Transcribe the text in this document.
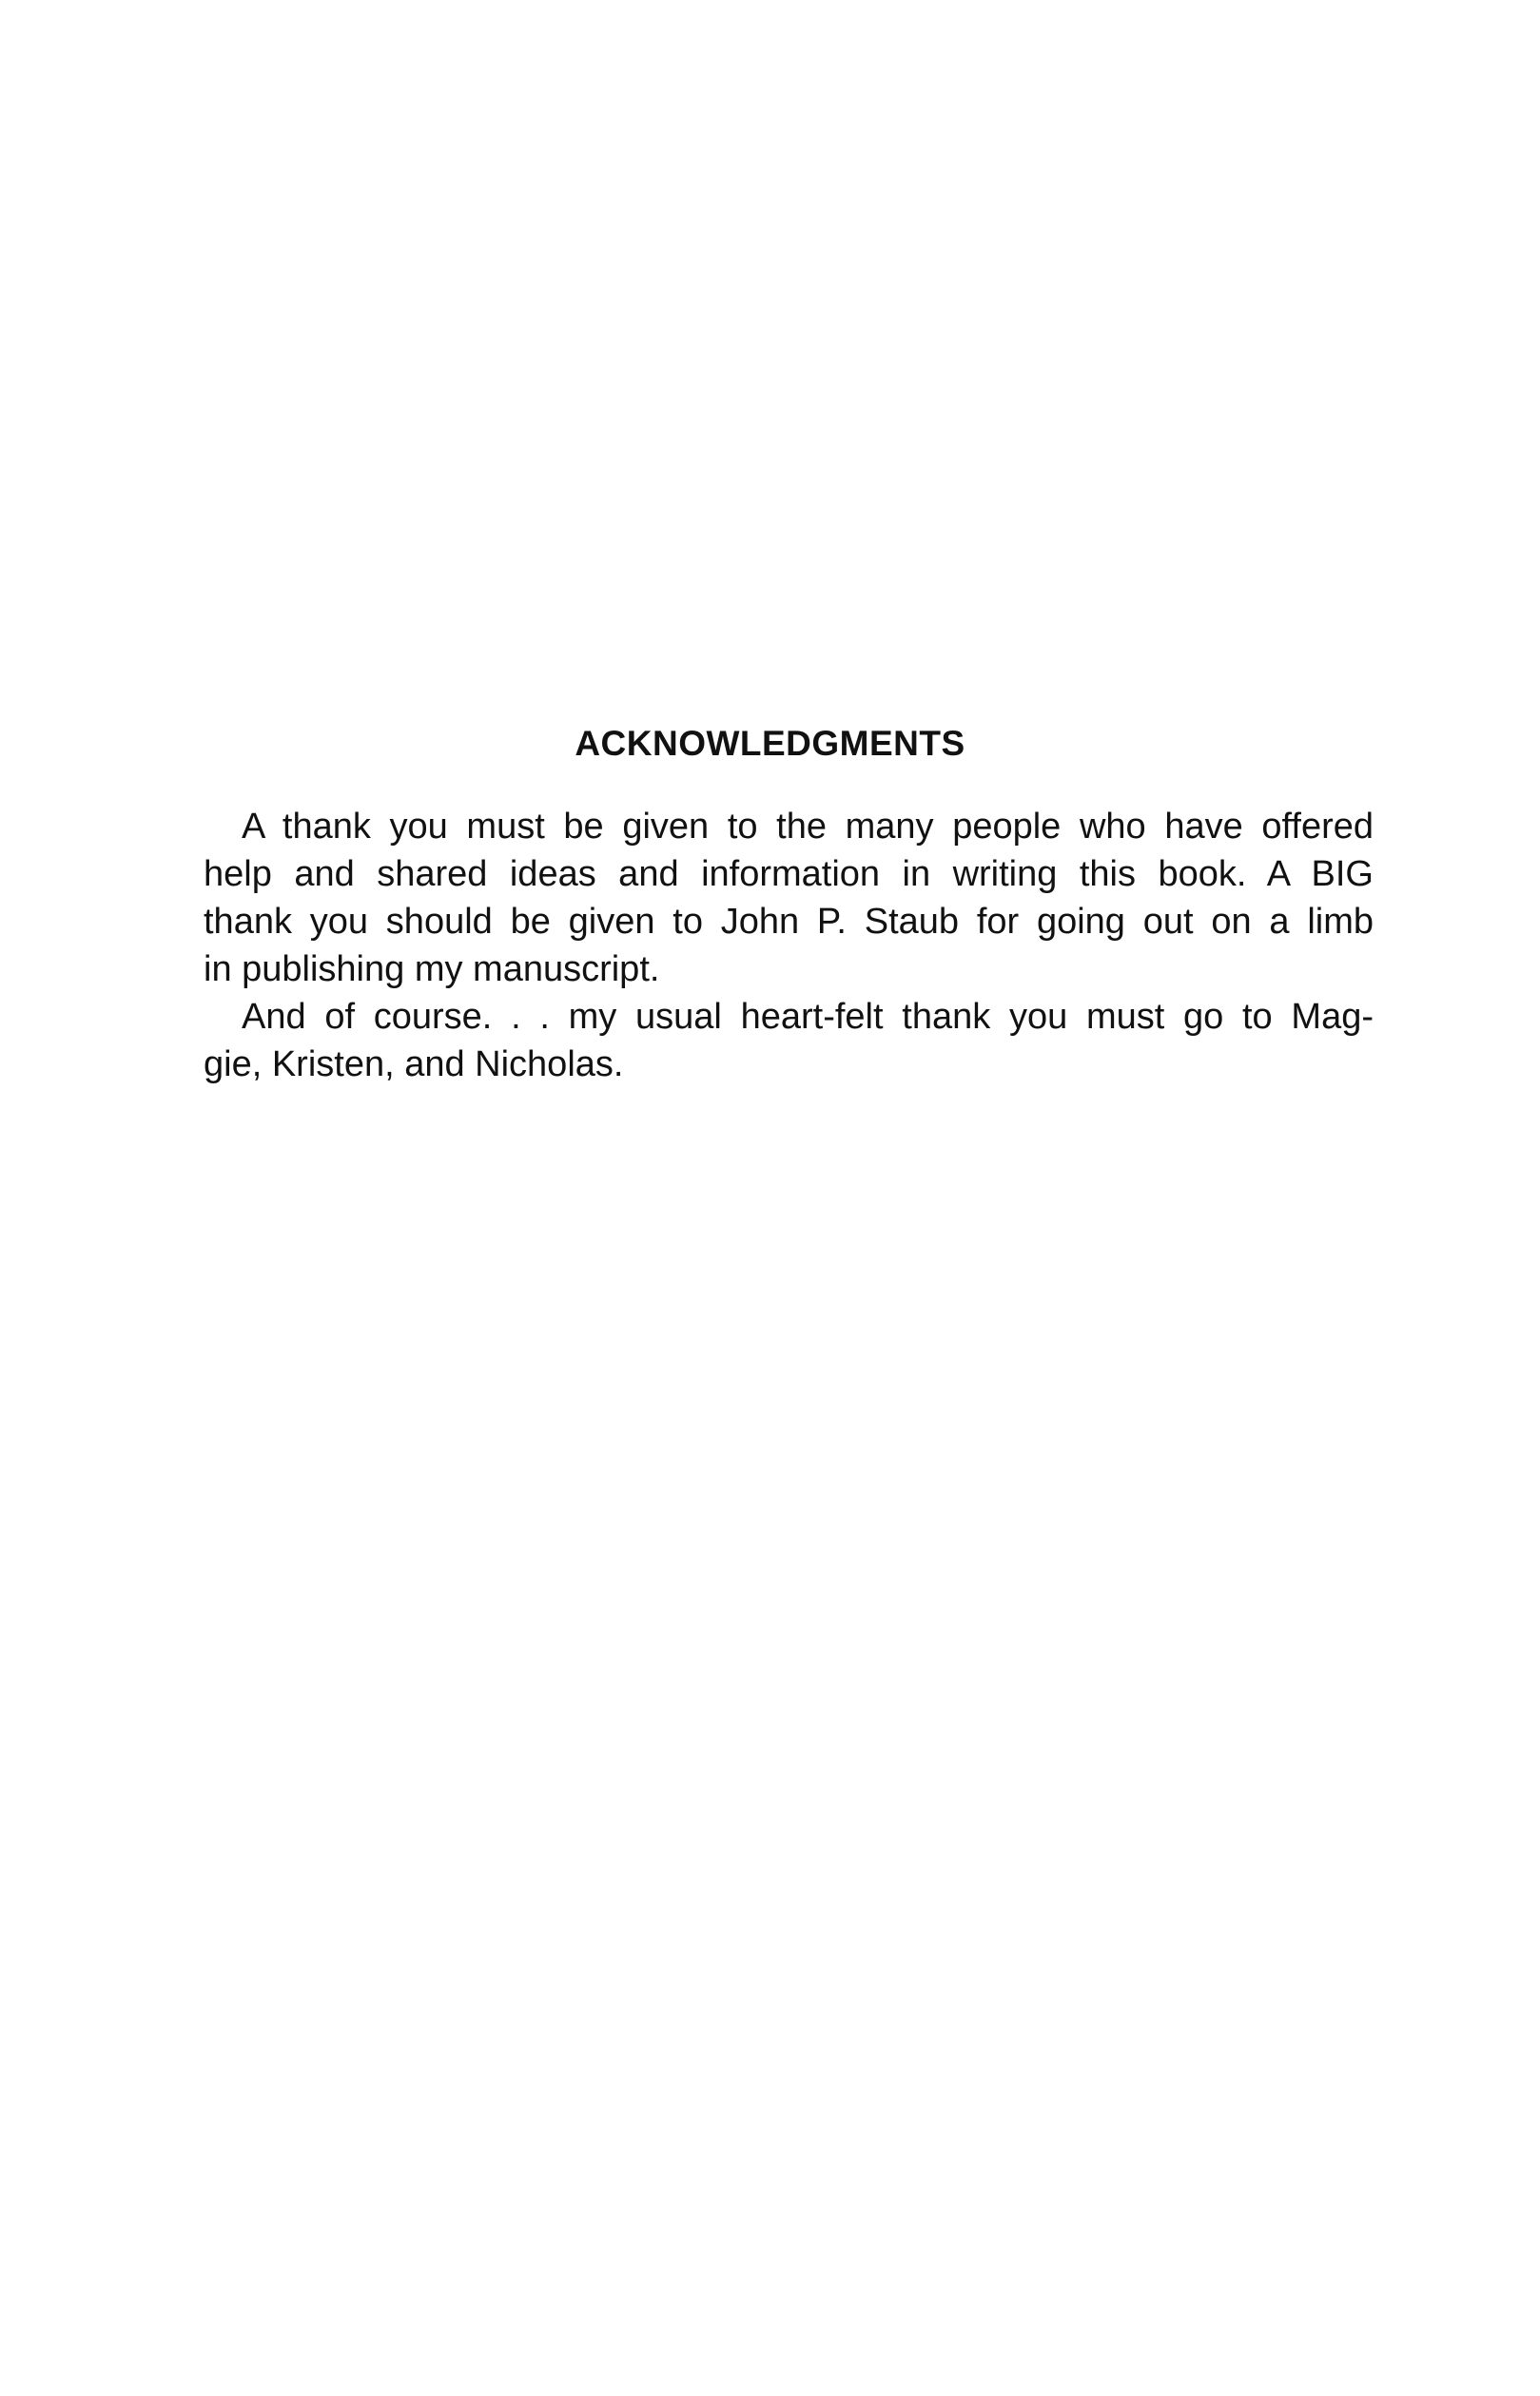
ACKNOWLEDGMENTS
A thank you must be given to the many people who have offered
help and shared ideas and information in writing this book. A BIG
thank you should be given to John P. Staub for going out on a limb
in publishing my manuscript.
And of course. . . my usual heart-felt thank you must go to Mag-
gie, Kristen, and Nicholas.
